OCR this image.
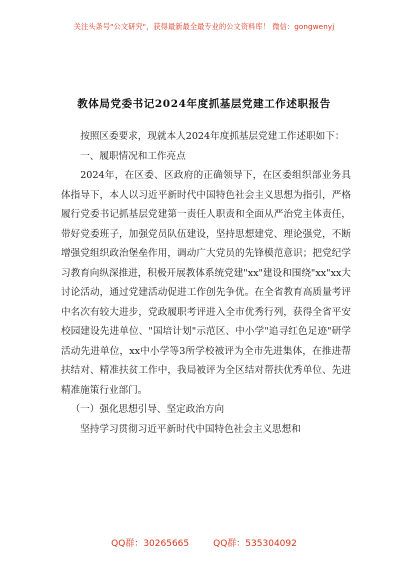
关注头条号"公文研究"，获得最新最全最专业的公文资料库！ 微信：gongwenyj
教体局党委书记2024年度抓基层党建工作述职报告

按照区委要求，现就本人2024年度抓基层党建工作述职如下：

一、履职情况和工作亮点

2024年，在区委、区政府的正确领导下，在区委组织部业务具体指导下，本人以习近平新时代中国特色社会主义思想为指引，严格履行党委书记抓基层党建第一责任人职责和全面从严治党主体责任，带好党委班子，加强党员队伍建设，坚持思想建党、理论强党，不断增强党组织政治堡垒作用，调动广大党员的先锋模范意识；把党纪学习教育向纵深推进，积极开展教体系统党建"xx"建设和围绕"xx"xx大讨论活动，通过党建活动促进工作创先争优。在全省教育高质量考评中名次有较大进步，党政履职考评进入全市优秀行列，获得全省平安校园建设先进单位、"国培计划"示范区、中小学"追寻红色足迹"研学活动先进单位，xx中小学等3所学校被评为全市先进集体，在推进帮扶结对、精准扶贫工作中，我局被评为全区结对帮扶优秀单位、先进精准施策行业部门。

（一）强化思想引导、坚定政治方向

坚持学习贯彻习近平新时代中国特色社会主义思想和

QQ群：30265665	QQ群：535304092
